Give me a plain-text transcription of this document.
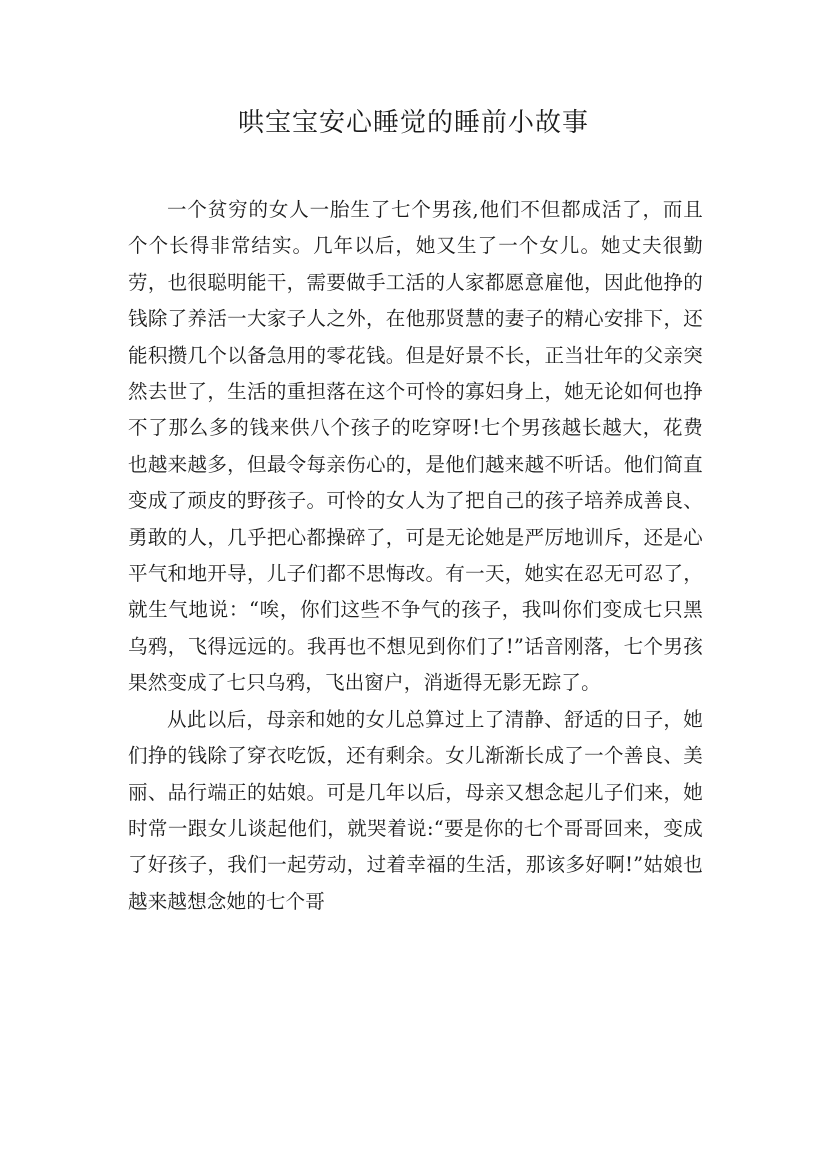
哄宝宝安心睡觉的睡前小故事

一个贫穷的女人一胎生了七个男孩,他们不但都成活了，而且个个长得非常结实。几年以后，她又生了一个女儿。她丈夫很勤劳，也很聪明能干，需要做手工活的人家都愿意雇他，因此他挣的钱除了养活一大家子人之外，在他那贤慧的妻子的精心安排下，还能积攒几个以备急用的零花钱。但是好景不长，正当壮年的父亲突然去世了，生活的重担落在这个可怜的寡妇身上，她无论如何也挣不了那么多的钱来供八个孩子的吃穿呀!七个男孩越长越大，花费也越来越多，但最令每亲伤心的，是他们越来越不听话。他们简直变成了顽皮的野孩子。可怜的女人为了把自己的孩子培养成善良、勇敢的人，几乎把心都操碎了，可是无论她是严厉地训斥，还是心平气和地开导，儿子们都不思悔改。有一天，她实在忍无可忍了，就生气地说：“唉，你们这些不争气的孩子，我叫你们变成七只黑乌鸦，飞得远远的。我再也不想见到你们了!”话音刚落，七个男孩果然变成了七只乌鸦，飞出窗户，消逝得无影无踪了。

从此以后，母亲和她的女儿总算过上了清静、舒适的日子，她们挣的钱除了穿衣吃饭，还有剩余。女儿渐渐长成了一个善良、美丽、品行端正的姑娘。可是几年以后，母亲又想念起儿子们来，她时常一跟女儿谈起他们，就哭着说:“要是你的七个哥哥回来，变成了好孩子，我们一起劳动，过着幸福的生活，那该多好啊!”姑娘也越来越想念她的七个哥
